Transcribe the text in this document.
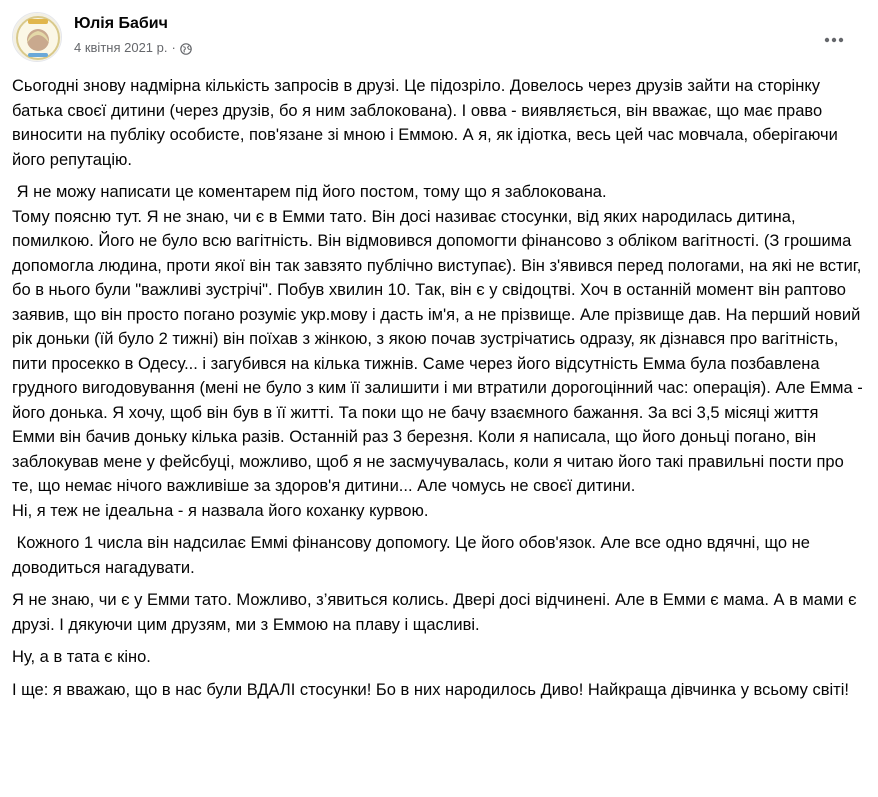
Юлія Бабич
4 квітня 2021 р. ·

Сьогодні знову надмірна кількість запросів в друзі. Це підозріло. Довелось через друзів зайти на сторінку батька своєї дитини (через друзів, бо я ним заблокована). І овва - виявляється, він вважає, що має право виносити на публіку особисте, пов'язане зі мною і Еммою. А я, як ідіотка, весь цей час мовчала, оберігаючи його репутацію.

Я не можу написати це коментарем під його постом, тому що я заблокована.
Тому поясню тут. Я не знаю, чи є в Емми тато. Він досі називає стосунки, від яких народилась дитина, помилкою. Його не було всю вагітність. Він відмовився допомогти фінансово з обліком вагітності. (З грошима допомогла людина, проти якої він так завзято публічно виступає). Він з'явився перед пологами, на які не встиг, бо в нього були "важливі зустрічі". Побув хвилин 10. Так, він є у свідоцтві. Хоч в останній момент він раптово заявив, що він просто погано розуміє укр.мову і дасть ім'я, а не прізвище. Але прізвище дав. На перший новий рік доньки (їй було 2 тижні) він поїхав з жінкою, з якою почав зустрічатись одразу, як дізнався про вагітність, пити просекко в Одесу... і загубився на кілька тижнів. Саме через його відсутність Емма була позбавлена грудного вигодовування (мені не було з ким її залишити і ми втратили дорогоцінний час: операція). Але Емма - його донька. Я хочу, щоб він був в її житті. Та поки що не бачу взаємного бажання. За всі 3,5 місяці життя Емми він бачив доньку кілька разів. Останній раз 3 березня. Коли я написала, що його доньці погано, він заблокував мене у фейсбуці, можливо, щоб я не засмучувалась, коли я читаю його такі правильні пости про те, що немає нічого важливіше за здоров'я дитини... Але чомусь не своєї дитини.
Ні, я теж не ідеальна - я назвала його коханку курвою.

Кожного 1 числа він надсилає Еммі фінансову допомогу. Це його обов'язок. Але все одно вдячні, що не доводиться нагадувати.

Я не знаю, чи є у Емми тато. Можливо, з’явиться колись. Двері досі відчинені. Але в Емми є мама. А в мами є друзі. І дякуючи цим друзям, ми з Еммою на плаву і щасливі.

Ну, а в тата є кіно.

І ще: я вважаю, що в нас були ВДАЛІ стосунки! Бо в них народилось Диво! Найкраща дівчинка у всьому світі!
